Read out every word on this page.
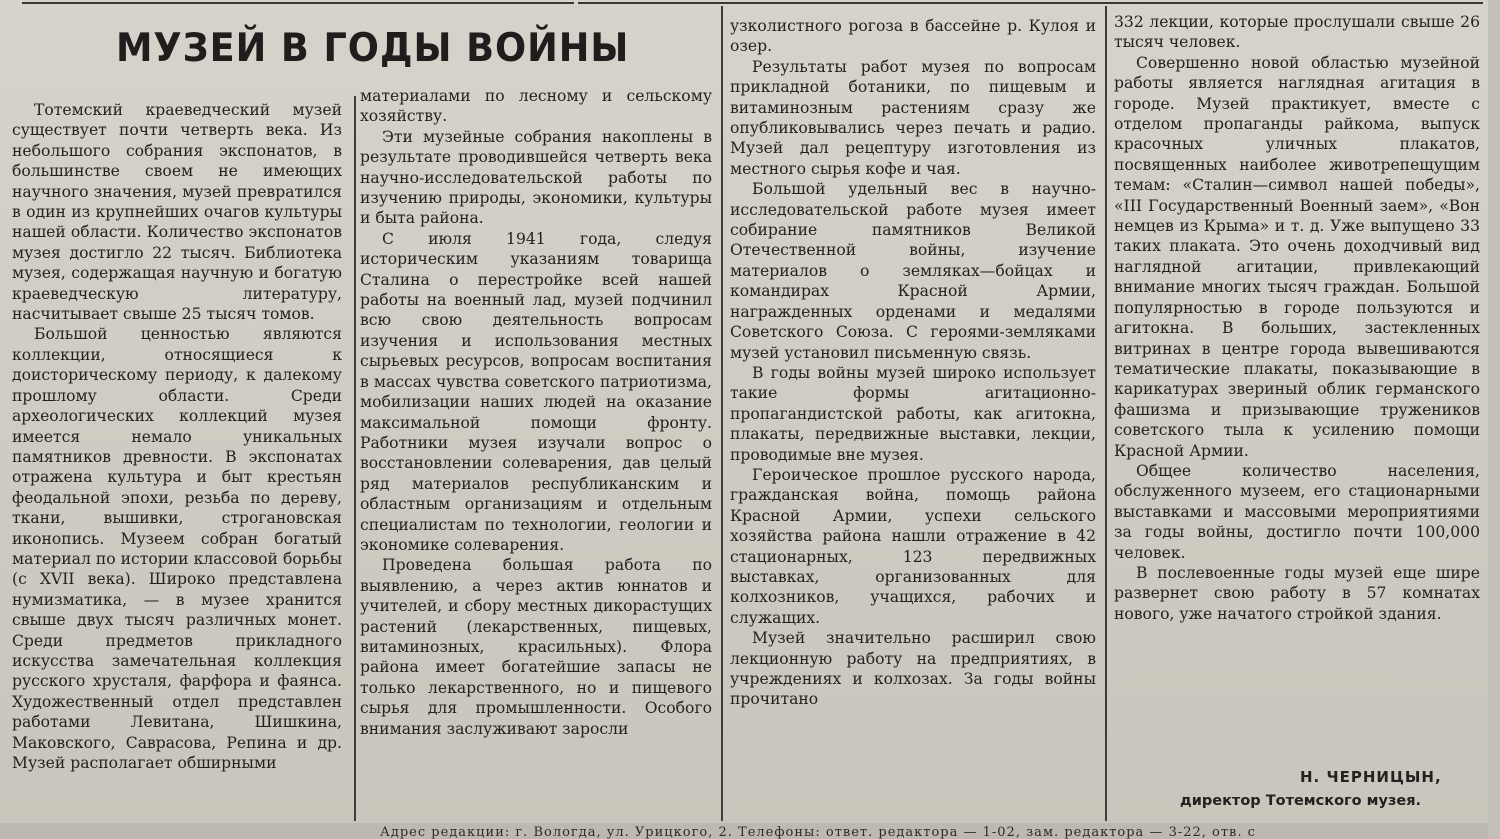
МУЗЕЙ В ГОДЫ ВОЙНЫ

Тотемский краеведческий музей существует почти четверть века. Из небольшого собрания экспонатов, в большинстве своем не имеющих научного значения, музей превратился в один из крупнейших очагов культуры нашей области. Количество экспонатов музея достигло 22 тысяч. Библиотека музея, содержащая научную и богатую краеведческую литературу, насчитывает свыше 25 тысяч томов.

Большой ценностью являются коллекции, относящиеся к доисторическому периоду, к далекому прошлому области. Среди археологических коллекций музея имеется немало уникальных памятников древности. В экспонатах отражена культура и быт крестьян феодальной эпохи, резьба по дереву, ткани, вышивки, строгановская иконопись. Музеем собран богатый материал по истории классовой борьбы (с XVII века). Широко представлена нумизматика, — в музее хранится свыше двух тысяч различных монет. Среди предметов прикладного искусства замечательная коллекция русского хрусталя, фарфора и фаянса. Художественный отдел представлен работами Левитана, Шишкина, Маковского, Саврасова, Репина и др. Музей располагает обширными

материалами по лесному и сельскому хозяйству.

Эти музейные собрания накоплены в результате проводившейся четверть века научно-исследовательской работы по изучению природы, экономики, культуры и быта района.

С июля 1941 года, следуя историческим указаниям товарища Сталина о перестройке всей нашей работы на военный лад, музей подчинил всю свою деятельность вопросам изучения и использования местных сырьевых ресурсов, вопросам воспитания в массах чувства советского патриотизма, мобилизации наших людей на оказание максимальной помощи фронту. Работники музея изучали вопрос о восстановлении солеварения, дав целый ряд материалов республиканским и областным организациям и отдельным специалистам по технологии, геологии и экономике солеварения.

Проведена большая работа по выявлению, а через актив юннатов и учителей, и сбору местных дикорастущих растений (лекарственных, пищевых, витаминозных, красильных). Флора района имеет богатейшие запасы не только лекарственного, но и пищевого сырья для промышленности. Особого внимания заслуживают заросли

узколистного рогоза в бассейне р. Кулоя и озер.

Результаты работ музея по вопросам прикладной ботаники, по пищевым и витаминозным растениям сразу же опубликовывались через печать и радио. Музей дал рецептуру изготовления из местного сырья кофе и чая.

Большой удельный вес в научно-исследовательской работе музея имеет собирание памятников Великой Отечественной войны, изучение материалов о земляках—бойцах и командирах Красной Армии, награжденных орденами и медалями Советского Союза. С героями-земляками музей установил письменную связь.

В годы войны музей широко использует такие формы агитационно-пропагандистской работы, как агитокна, плакаты, передвижные выставки, лекции, проводимые вне музея.

Героическое прошлое русского народа, гражданская война, помощь района Красной Армии, успехи сельского хозяйства района нашли отражение в 42 стационарных, 123 передвижных выставках, организованных для колхозников, учащихся, рабочих и служащих.

Музей значительно расширил свою лекционную работу на предприятиях, в учреждениях и колхозах. За годы войны прочитано

332 лекции, которые прослушали свыше 26 тысяч человек.

Совершенно новой областью музейной работы является наглядная агитация в городе. Музей практикует, вместе с отделом пропаганды райкома, выпуск красочных уличных плакатов, посвященных наиболее животрепещущим темам: «Сталин—символ нашей победы», «III Государственный Военный заем», «Вон немцев из Крыма» и т. д. Уже выпущено 33 таких плаката. Это очень доходчивый вид наглядной агитации, привлекающий внимание многих тысяч граждан. Большой популярностью в городе пользуются и агитокна. В больших, застекленных витринах в центре города вывешиваются тематические плакаты, показывающие в карикатурах звериный облик германского фашизма и призывающие тружеников советского тыла к усилению помощи Красной Армии.

Общее количество населения, обслуженного музеем, его стационарными выставками и массовыми мероприятиями за годы войны, достигло почти 100,000 человек.

В послевоенные годы музей еще шире развернет свою работу в 57 комнатах нового, уже начатого стройкой здания.

Н. ЧЕРНИЦЫН,
директор Тотемского музея.
Адрес редакции: г. Вологда, ул. Урицкого, 2. Телефоны: ответ. редактора — 1-02, зам. редактора — 3-22, отв. с
